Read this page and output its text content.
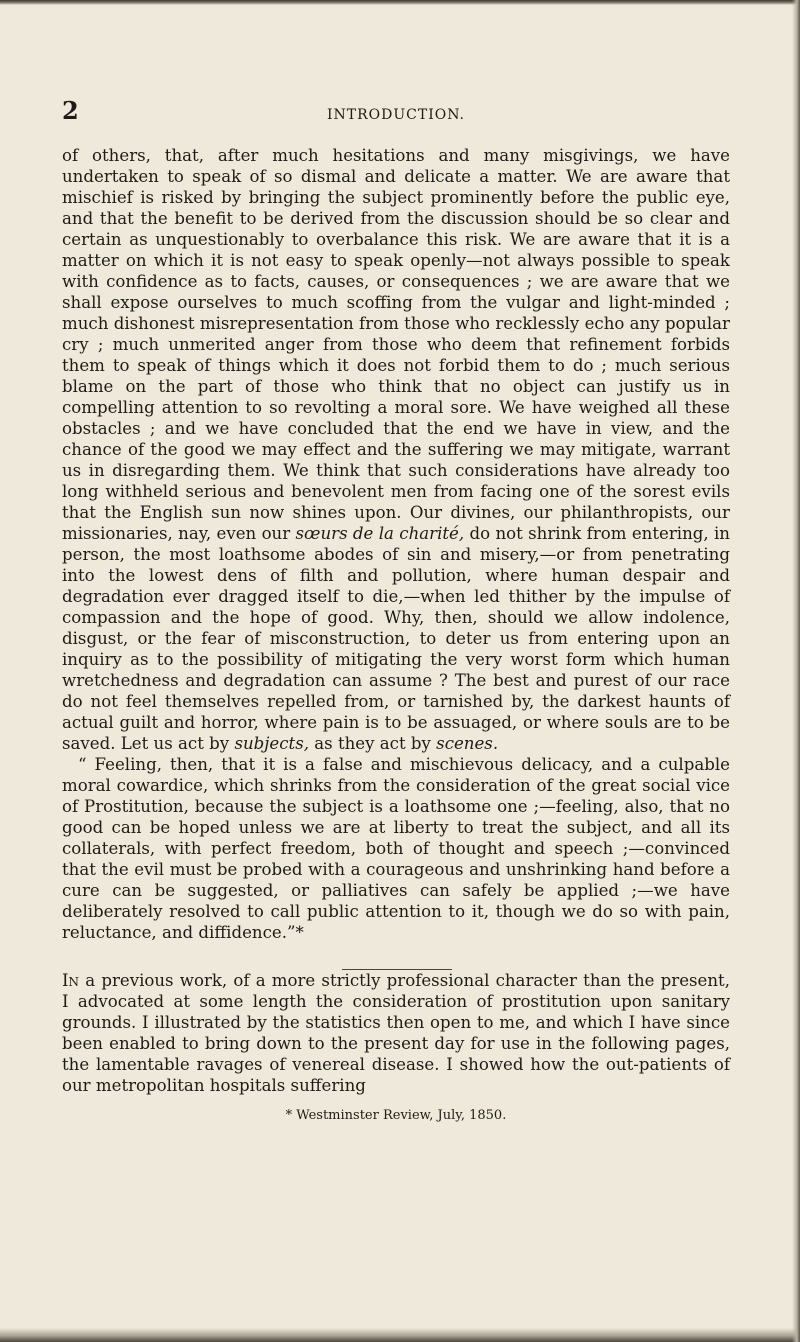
2	INTRODUCTION.

of others, that, after much hesitations and many misgivings, we have undertaken to speak of so dismal and delicate a matter. We are aware that mischief is risked by bringing the subject prominently before the public eye, and that the benefit to be derived from the discussion should be so clear and certain as unquestionably to overbalance this risk. We are aware that it is a matter on which it is not easy to speak openly—not always possible to speak with confidence as to facts, causes, or consequences ; we are aware that we shall expose ourselves to much scoffing from the vulgar and light-minded ; much dishonest misrepresentation from those who recklessly echo any popular cry ; much unmerited anger from those who deem that refinement forbids them to speak of things which it does not forbid them to do ; much serious blame on the part of those who think that no object can justify us in compelling attention to so revolting a moral sore. We have weighed all these obstacles ; and we have concluded that the end we have in view, and the chance of the good we may effect and the suffering we may mitigate, warrant us in disregarding them. We think that such considerations have already too long withheld serious and benevolent men from facing one of the sorest evils that the English sun now shines upon. Our divines, our philanthropists, our missionaries, nay, even our sœurs de la charité, do not shrink from entering, in person, the most loathsome abodes of sin and misery,—or from penetrating into the lowest dens of filth and pollution, where human despair and degradation ever dragged itself to die,—when led thither by the impulse of compassion and the hope of good. Why, then, should we allow indolence, disgust, or the fear of misconstruction, to deter us from entering upon an inquiry as to the possibility of mitigating the very worst form which human wretchedness and degradation can assume ? The best and purest of our race do not feel themselves repelled from, or tarnished by, the darkest haunts of actual guilt and horror, where pain is to be assuaged, or where souls are to be saved. Let us act by subjects, as they act by scenes.

“ Feeling, then, that it is a false and mischievous delicacy, and a culpable moral cowardice, which shrinks from the consideration of the great social vice of Prostitution, because the subject is a loathsome one ;—feeling, also, that no good can be hoped unless we are at liberty to treat the subject, and all its collaterals, with perfect freedom, both of thought and speech ;—convinced that the evil must be probed with a courageous and unshrinking hand before a cure can be suggested, or palliatives can safely be applied ;—we have deliberately resolved to call public attention to it, though we do so with pain, reluctance, and diffidence.”*

In a previous work, of a more strictly professional character than the present, I advocated at some length the consideration of prostitution upon sanitary grounds. I illustrated by the statistics then open to me, and which I have since been enabled to bring down to the present day for use in the following pages, the lamentable ravages of venereal disease. I showed how the out-patients of our metropolitan hospitals suffering

* Westminster Review, July, 1850.
